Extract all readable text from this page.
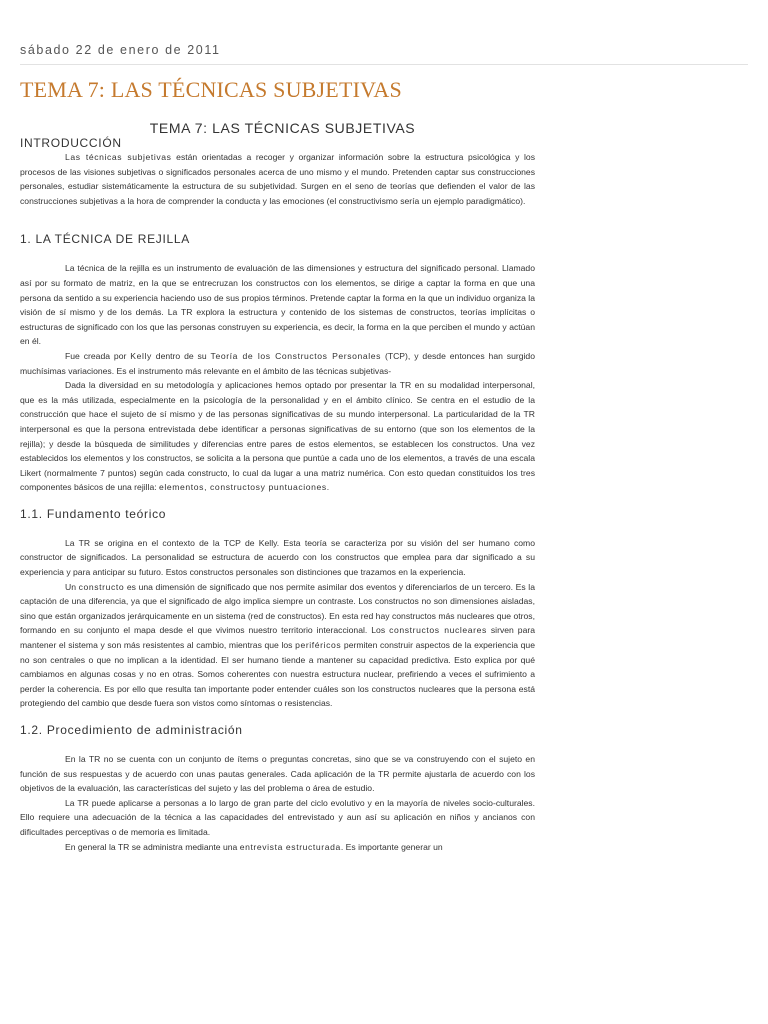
sábado 22 de enero de 2011
TEMA 7: LAS TÉCNICAS SUBJETIVAS
TEMA 7: LAS TÉCNICAS SUBJETIVAS
INTRODUCCIÓN

Las técnicas subjetivas están orientadas a recoger y organizar información sobre la estructura psicológica y los procesos de las visiones subjetivas o significados personales acerca de uno mismo y el mundo. Pretenden captar sus construcciones personales, estudiar sistemáticamente la estructura de su subjetividad. Surgen en el seno de teorías que defienden el valor de las construcciones subjetivas a la hora de comprender la conducta y las emociones (el constructivismo sería un ejemplo paradigmático).

1. LA TÉCNICA DE REJILLA

La técnica de la rejilla es un instrumento de evaluación de las dimensiones y estructura del significado personal. Llamado así por su formato de matriz, en la que se entrecruzan los constructos con los elementos, se dirige a captar la forma en que una persona da sentido a su experiencia haciendo uso de sus propios términos. Pretende captar la forma en la que un individuo organiza la visión de sí mismo y de los demás. La TR explora la estructura y contenido de los sistemas de constructos, teorías implícitas o estructuras de significado con los que las personas construyen su experiencia, es decir, la forma en la que perciben el mundo y actúan en él.

Fue creada por Kelly dentro de su Teoría de los Constructos Personales (TCP), y desde entonces han surgido muchísimas variaciones. Es el instrumento más relevante en el ámbito de las técnicas subjetivas-

Dada la diversidad en su metodología y aplicaciones hemos optado por presentar la TR en su modalidad interpersonal, que es la más utilizada, especialmente en la psicología de la personalidad y en el ámbito clínico. Se centra en el estudio de la construcción que hace el sujeto de sí mismo y de las personas significativas de su mundo interpersonal. La particularidad de la TR interpersonal es que la persona entrevistada debe identificar a personas significativas de su entorno (que son los elementos de la rejilla); y desde la búsqueda de similitudes y diferencias entre pares de estos elementos, se establecen los constructos. Una vez establecidos los elementos y los constructos, se solicita a la persona que puntúe a cada uno de los elementos, a través de una escala Likert (normalmente 7 puntos) según cada constructo, lo cual da lugar a una matriz numérica. Con esto quedan constituidos los tres componentes básicos de una rejilla: elementos, constructosy puntuaciones.

1.1. Fundamento teórico

La TR se origina en el contexto de la TCP de Kelly. Esta teoría se caracteriza por su visión del ser humano como constructor de significados. La personalidad se estructura de acuerdo con los constructos que emplea para dar significado a su experiencia y para anticipar su futuro. Estos constructos personales son distinciones que trazamos en la experiencia.

Un constructo es una dimensión de significado que nos permite asimilar dos eventos y diferenciarlos de un tercero. Es la captación de una diferencia, ya que el significado de algo implica siempre un contraste. Los constructos no son dimensiones aisladas, sino que están organizados jerárquicamente en un sistema (red de constructos). En esta red hay constructos más nucleares que otros, formando en su conjunto el mapa desde el que vivimos nuestro territorio interaccional. Los constructos nucleares sirven para mantener el sistema y son más resistentes al cambio, mientras que los periféricos permiten construir aspectos de la experiencia que no son centrales o que no implican a la identidad. El ser humano tiende a mantener su capacidad predictiva. Esto explica por qué cambiamos en algunas cosas y no en otras. Somos coherentes con nuestra estructura nuclear, prefiriendo a veces el sufrimiento a perder la coherencia. Es por ello que resulta tan importante poder entender cuáles son los constructos nucleares que la persona está protegiendo del cambio que desde fuera son vistos como síntomas o resistencias.

1.2. Procedimiento de administración

En la TR no se cuenta con un conjunto de ítems o preguntas concretas, sino que se va construyendo con el sujeto en función de sus respuestas y de acuerdo con unas pautas generales. Cada aplicación de la TR permite ajustarla de acuerdo con los objetivos de la evaluación, las características del sujeto y las del problema o área de estudio.

La TR puede aplicarse a personas a lo largo de gran parte del ciclo evolutivo y en la mayoría de niveles socio-culturales. Ello requiere una adecuación de la técnica a las capacidades del entrevistado y aun así su aplicación en niños y ancianos con dificultades perceptivas o de memoria es limitada.

En general la TR se administra mediante una entrevista estructurada. Es importante generar un
